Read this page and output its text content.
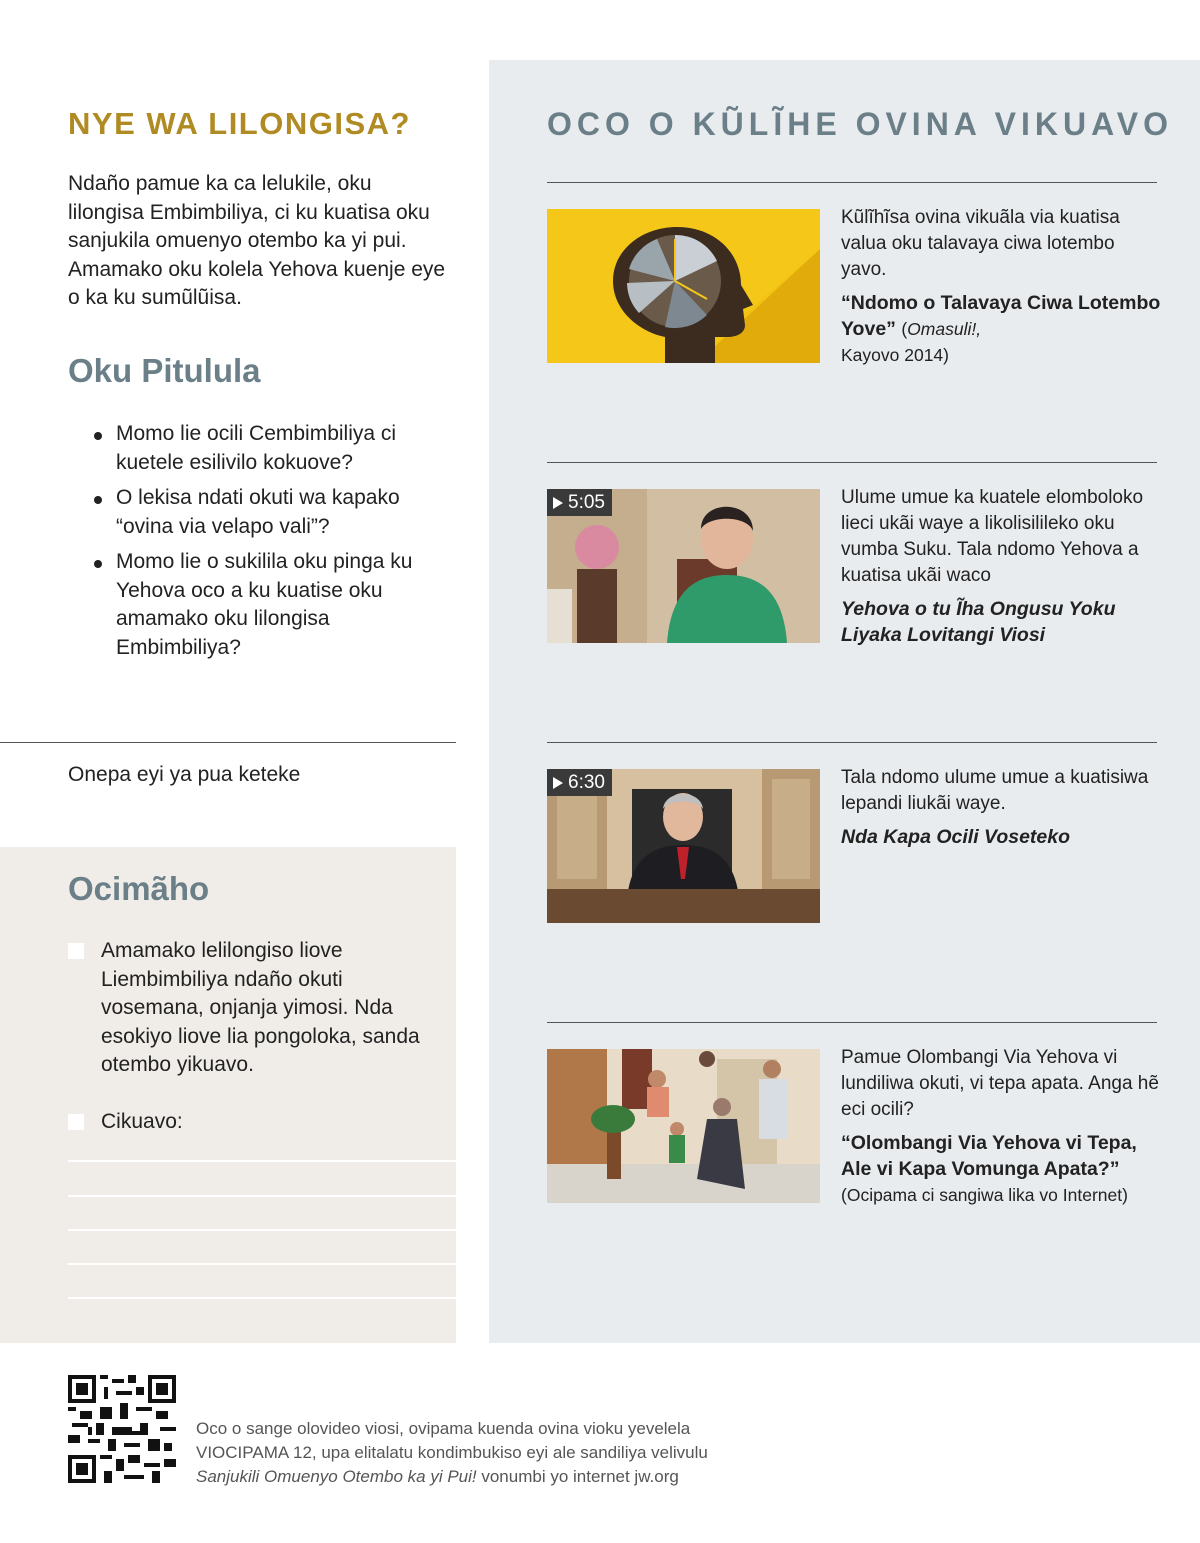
NYE WA LILONGISA?

Ndaño pamue ka ca lelukile, oku lilongisa Embimbiliya, ci ku kuatisa oku sanjukila omuenyo otembo ka yi pui. Amamako oku kolela Yehova kuenje eye o ka ku sumũlũisa.

Oku Pitulula
Momo lie ocili Cembimbiliya ci kuetele esilivilo kokuove?
O lekisa ndati okuti wa kapako “ovina via velapo vali”?
Momo lie o sukilila oku pinga ku Yehova oco a ku kuatise oku amamako oku lilongisa Embimbiliya?

Onepa eyi ya pua keteke

Ocimãho
Amamako lelilongiso liove Liembimbiliya ndaño okuti vosemana, onjanja yimosi. Nda esokiyo liove lia pongoloka, sanda otembo yikuavo.
Cikuavo:
OCO O KŨLĨHE OVINA VIKUAVO
Kũlĩhĩsa ovina vikuãla via kuatisa valua oku talavaya ciwa lotembo yavo.
“Ndomo o Talavaya Ciwa Lotembo Yove” (Omasuli!,
Kayovo 2014)
5:05	Ulume umue ka kuatele elomboloko lieci ukãi waye a likolisilileko oku vumba Suku. Tala ndomo Yehova a kuatisa ukãi waco
Yehova o tu Ĩha Ongusu Yoku Liyaka Lovitangi Viosi
6:30	Tala ndomo ulume umue a kuatisiwa lepandi liukãi waye.
Nda Kapa Ocili Voseteko
Pamue Olombangi Via Yehova vi lundiliwa okuti, vi tepa apata. Anga hẽ eci ocili?
“Olombangi Via Yehova vi Tepa, Ale vi Kapa Vomunga Apata?” (Ocipama ci sangiwa lika vo Internet)

Oco o sange olovideo viosi, ovipama kuenda ovina vioku yevelela
VIOCIPAMA 12, upa elitalatu kondimbukiso eyi ale sandiliya velivulu
Sanjukili Omuenyo Otembo ka yi Pui! vonumbi yo internet jw.org
